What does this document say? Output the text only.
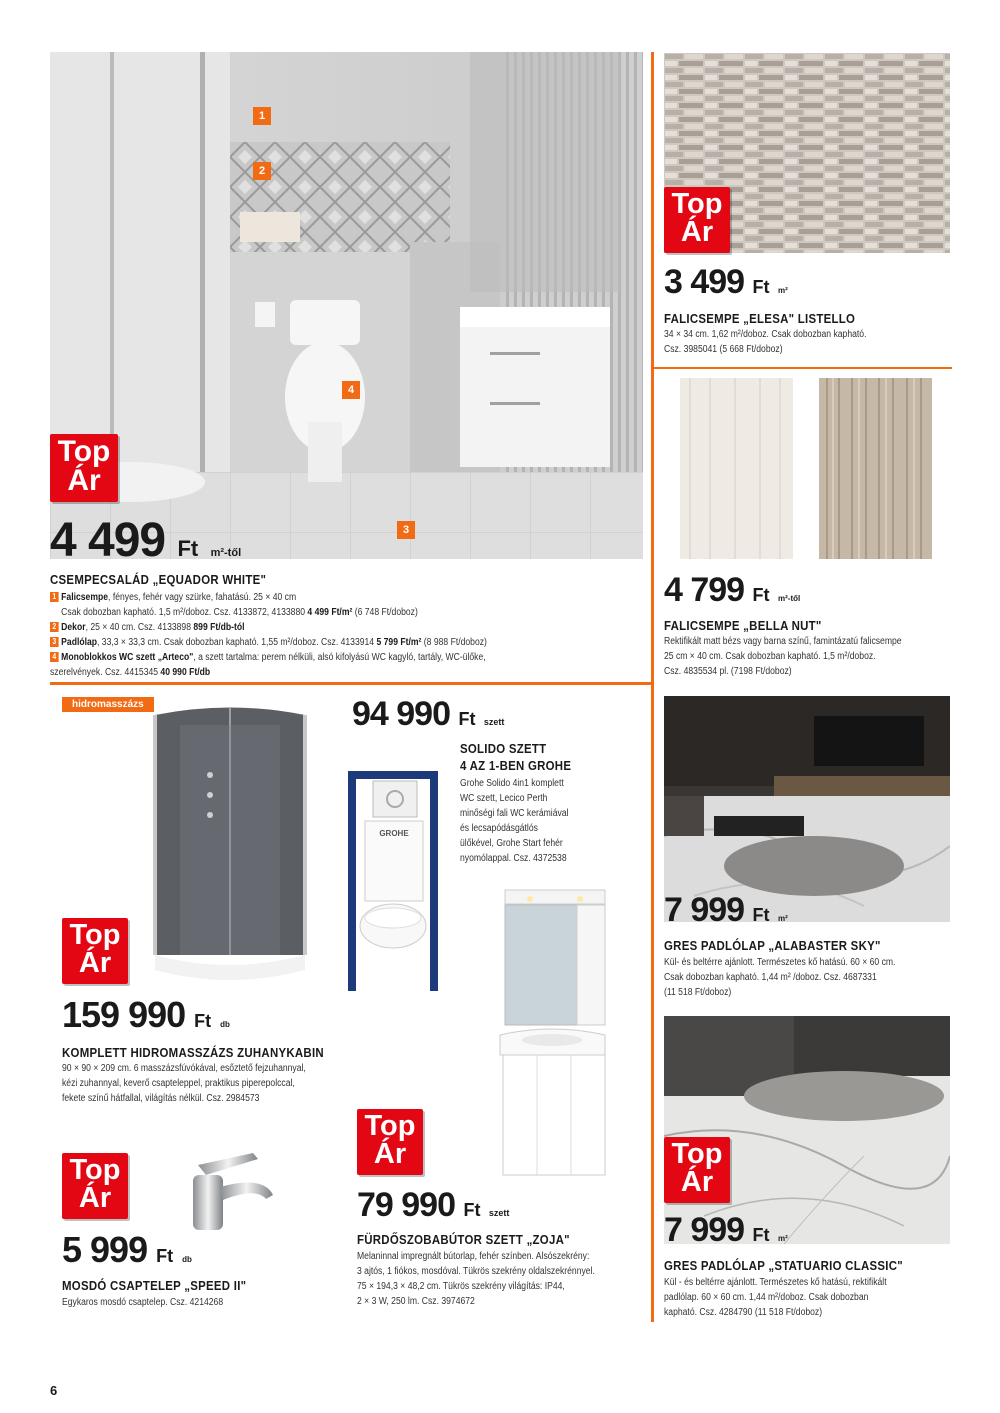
1
2
3
4
Top
Ár
4 499 Ft m²-től
CSEMPECSALÁD „EQUADOR WHITE"
1 Falicsempe, fényes, fehér vagy szürke, fahatású. 25 × 40 cm
Csak dobozban kapható. 1,5 m²/doboz. Csz. 4133872, 4133880 4 499 Ft/m² (6 748 Ft/doboz)
2 Dekor, 25 × 40 cm. Csz. 4133898 899 Ft/db-tól
3 Padlólap, 33,3 × 33,3 cm. Csak dobozban kapható. 1,55 m²/doboz. Csz. 4133914 5 799 Ft/m² (8 988 Ft/doboz)
4 Monoblokkos WC szett „Arteco", a szett tartalma: perem nélküli, alsó kifolyású WC kagyló, tartály, WC-ülőke,
szerelvények. Csz. 4415345 40 990 Ft/db
Top
Ár
3 499 Ft m²
FALICSEMPE „ELESA" LISTELLO
34 × 34 cm. 1,62 m²/doboz. Csak dobozban kapható.
Csz. 3985041 (5 668 Ft/doboz)
4 799 Ft m²-től
FALICSEMPE „BELLA NUT"
Rektifikált matt bézs vagy barna színű, famintázatú falicsempe
25 cm × 40 cm. Csak dobozban kapható. 1,5 m²/doboz.
Csz. 4835534 pl. (7198 Ft/doboz)
hidromasszázs
Top
Ár
159 990 Ft db
KOMPLETT HIDROMASSZÁZS ZUHANYKABIN
90 × 90 × 209 cm. 6 masszázsfúvókával, esőztető fejzuhannyal,
kézi zuhannyal, keverő csapteleppel, praktikus piperepolccal,
fekete színű hátfallal, világítás nélkül. Csz. 2984573
94 990 Ft szett
GROHE
SOLIDO SZETT
4 AZ 1-BEN GROHE
Grohe Solido 4in1 komplett
WC szett, Lecico Perth
minőségi fali WC kerámiával
és lecsapódásgátlós
ülőkével, Grohe Start fehér
nyomólappal. Csz. 4372538
Top
Ár
79 990 Ft szett
FÜRDŐSZOBABÚTOR SZETT „ZOJA"
Melaninnal impregnált bútorlap, fehér színben. Alsószekrény:
3 ajtós, 1 fiókos, mosdóval. Tükrös szekrény oldalszekrénnyel.
75 × 194,3 × 48,2 cm. Tükrös szekrény világítás: IP44,
2 × 3 W, 250 lm. Csz. 3974672
Top
Ár
5 999 Ft db
MOSDÓ CSAPTELEP „SPEED II"
Egykaros mosdó csaptelep. Csz. 4214268
7 999 Ft m²
GRES PADLÓLAP „ALABASTER SKY"
Kül- és beltérre ajánlott. Természetes kő hatású. 60 × 60 cm.
Csak dobozban kapható. 1,44 m² /doboz. Csz. 4687331
(11 518 Ft/doboz)
Top
Ár
7 999 Ft m²
GRES PADLÓLAP „STATUARIO CLASSIC"
Kül - és beltérre ajánlott. Természetes kő hatású, rektifikált
padlólap. 60 × 60 cm. 1,44 m²/doboz. Csak dobozban
kapható. Csz. 4284790 (11 518 Ft/doboz)
6
